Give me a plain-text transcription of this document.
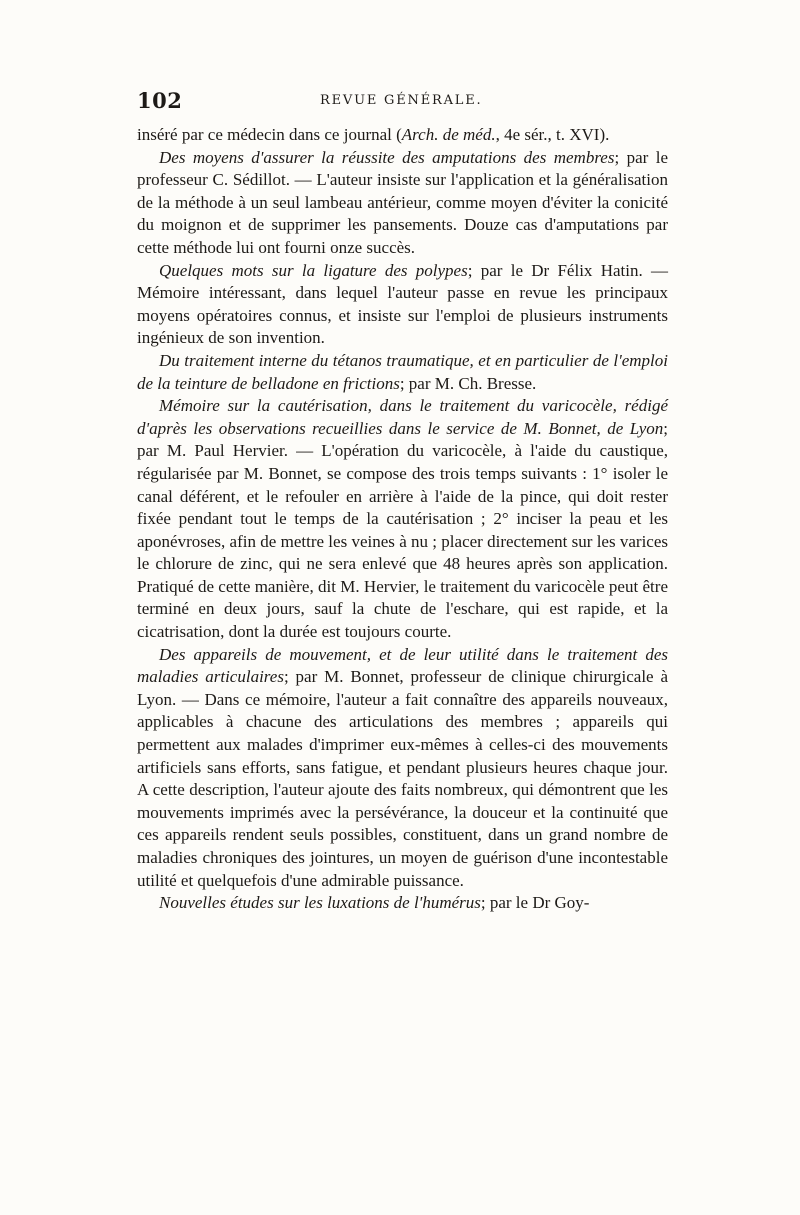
102	REVUE GÉNÉRALE.

inséré par ce médecin dans ce journal (Arch. de méd., 4e sér., t. XVI).

Des moyens d'assurer la réussite des amputations des membres; par le professeur C. Sédillot. — L'auteur insiste sur l'application et la généralisation de la méthode à un seul lambeau antérieur, comme moyen d'éviter la conicité du moignon et de supprimer les pansements. Douze cas d'amputations par cette méthode lui ont fourni onze succès.

Quelques mots sur la ligature des polypes; par le Dr Félix Hatin. — Mémoire intéressant, dans lequel l'auteur passe en revue les principaux moyens opératoires connus, et insiste sur l'emploi de plusieurs instruments ingénieux de son invention.

Du traitement interne du tétanos traumatique, et en particulier de l'emploi de la teinture de belladone en frictions; par M. Ch. Bresse.

Mémoire sur la cautérisation, dans le traitement du varicocèle, rédigé d'après les observations recueillies dans le service de M. Bonnet, de Lyon; par M. Paul Hervier. — L'opération du varicocèle, à l'aide du caustique, régularisée par M. Bonnet, se compose des trois temps suivants : 1° isoler le canal déférent, et le refouler en arrière à l'aide de la pince, qui doit rester fixée pendant tout le temps de la cautérisation ; 2° inciser la peau et les aponévroses, afin de mettre les veines à nu ; placer directement sur les varices le chlorure de zinc, qui ne sera enlevé que 48 heures après son application. Pratiqué de cette manière, dit M. Hervier, le traitement du varicocèle peut être terminé en deux jours, sauf la chute de l'eschare, qui est rapide, et la cicatrisation, dont la durée est toujours courte.

Des appareils de mouvement, et de leur utilité dans le traitement des maladies articulaires; par M. Bonnet, professeur de clinique chirurgicale à Lyon. — Dans ce mémoire, l'auteur a fait connaître des appareils nouveaux, applicables à chacune des articulations des membres ; appareils qui permettent aux malades d'imprimer eux-mêmes à celles-ci des mouvements artificiels sans efforts, sans fatigue, et pendant plusieurs heures chaque jour. A cette description, l'auteur ajoute des faits nombreux, qui démontrent que les mouvements imprimés avec la persévérance, la douceur et la continuité que ces appareils rendent seuls possibles, constituent, dans un grand nombre de maladies chroniques des jointures, un moyen de guérison d'une incontestable utilité et quelquefois d'une admirable puissance.

Nouvelles études sur les luxations de l'humérus; par le Dr Goy-
